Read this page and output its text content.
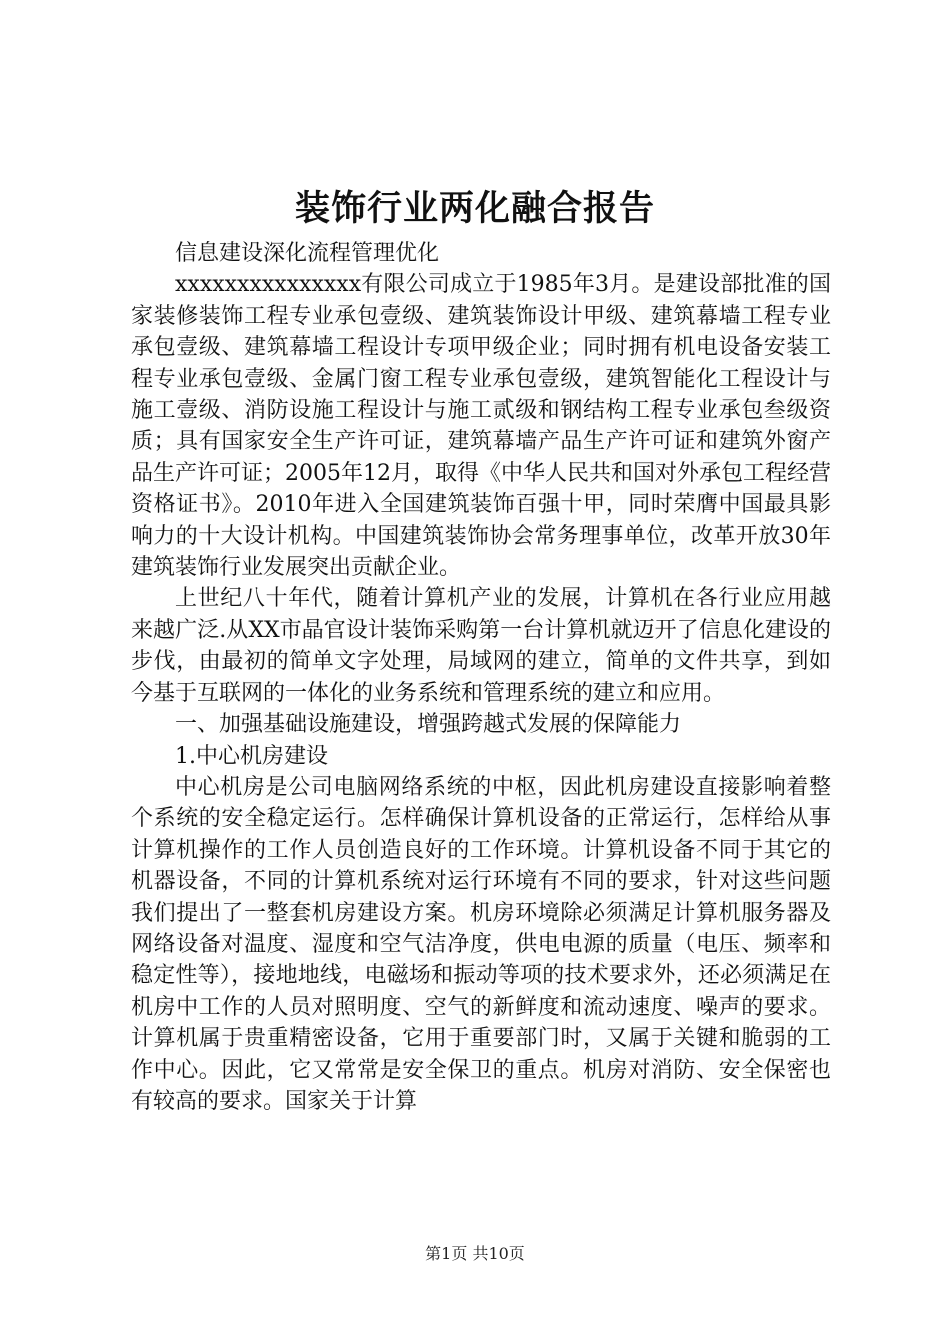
装饰行业两化融合报告

信息建设深化流程管理优化

xxxxxxxxxxxxxxx有限公司成立于1985年3月。是建设部批准的国家装修装饰工程专业承包壹级、建筑装饰设计甲级、建筑幕墙工程专业承包壹级、建筑幕墙工程设计专项甲级企业；同时拥有机电设备安装工程专业承包壹级、金属门窗工程专业承包壹级，建筑智能化工程设计与施工壹级、消防设施工程设计与施工贰级和钢结构工程专业承包叁级资质；具有国家安全生产许可证，建筑幕墙产品生产许可证和建筑外窗产品生产许可证；2005年12月，取得《中华人民共和国对外承包工程经营资格证书》。2010年进入全国建筑装饰百强十甲，同时荣膺中国最具影响力的十大设计机构。中国建筑装饰协会常务理事单位，改革开放30年建筑装饰行业发展突出贡献企业。

上世纪八十年代，随着计算机产业的发展，计算机在各行业应用越来越广泛.从XX市晶官设计装饰采购第一台计算机就迈开了信息化建设的步伐，由最初的简单文字处理，局域网的建立，简单的文件共享，到如今基于互联网的一体化的业务系统和管理系统的建立和应用。

一、加强基础设施建设，增强跨越式发展的保障能力

1.中心机房建设

中心机房是公司电脑网络系统的中枢，因此机房建设直接影响着整个系统的安全稳定运行。怎样确保计算机设备的正常运行，怎样给从事计算机操作的工作人员创造良好的工作环境。计算机设备不同于其它的机器设备，不同的计算机系统对运行环境有不同的要求，针对这些问题我们提出了一整套机房建设方案。机房环境除必须满足计算机服务器及网络设备对温度、湿度和空气洁净度，供电电源的质量（电压、频率和稳定性等），接地地线，电磁场和振动等项的技术要求外，还必须满足在机房中工作的人员对照明度、空气的新鲜度和流动速度、噪声的要求。计算机属于贵重精密设备，它用于重要部门时，又属于关键和脆弱的工作中心。因此，它又常常是安全保卫的重点。机房对消防、安全保密也有较高的要求。国家关于计算

第1页 共10页
